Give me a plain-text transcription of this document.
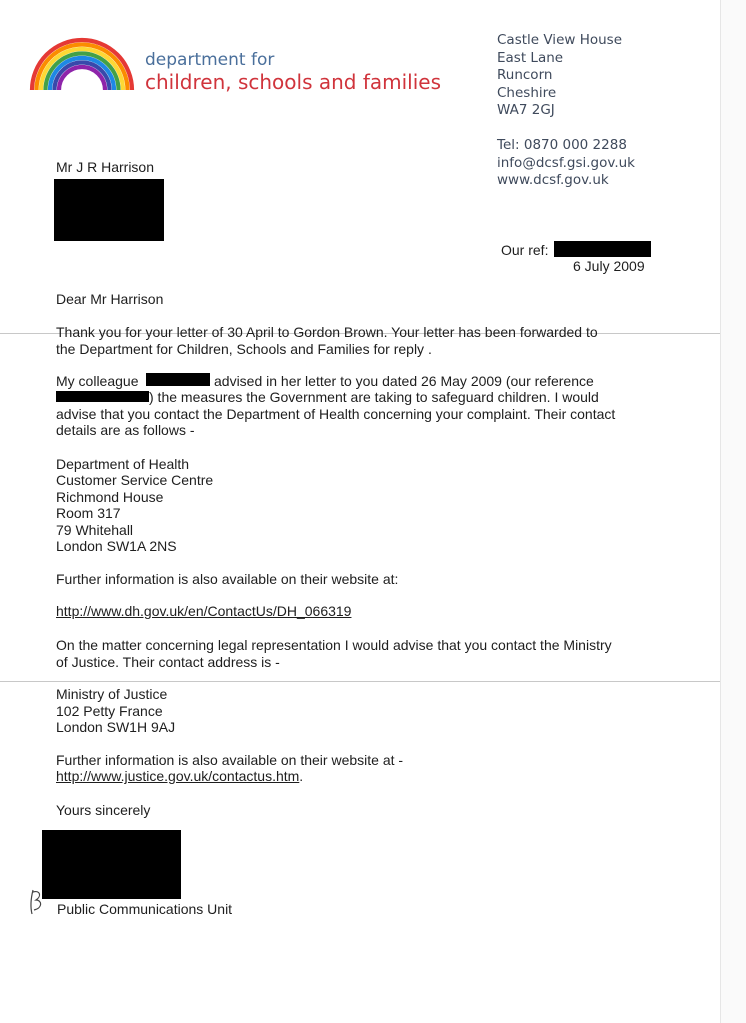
department for
children, schools and families
Castle View House
East Lane
Runcorn
Cheshire
WA7 2GJ
Tel: 0870 000 2288
info@dcsf.gsi.gov.uk
www.dcsf.gov.uk
Mr J R Harrison
Our ref:
6 July 2009
Dear Mr Harrison
Thank you for your letter of 30 April to Gordon Brown. Your letter has been forwarded to
the Department for Children, Schools and Families for reply .
My colleague	advised in her letter to you dated 26 May 2009 (our reference
) the measures the Government are taking to safeguard children. I would
advise that you contact the Department of Health concerning your complaint. Their contact
details are as follows -
Department of Health
Customer Service Centre
Richmond House
Room 317
79 Whitehall
London SW1A 2NS
Further information is also available on their website at:
http://www.dh.gov.uk/en/ContactUs/DH_066319
On the matter concerning legal representation I would advise that you contact the Ministry
of Justice. Their contact address is -
Ministry of Justice
102 Petty France
London SW1H 9AJ
Further information is also available on their website at -
http://www.justice.gov.uk/contactus.htm.
Yours sincerely
Public Communications Unit
